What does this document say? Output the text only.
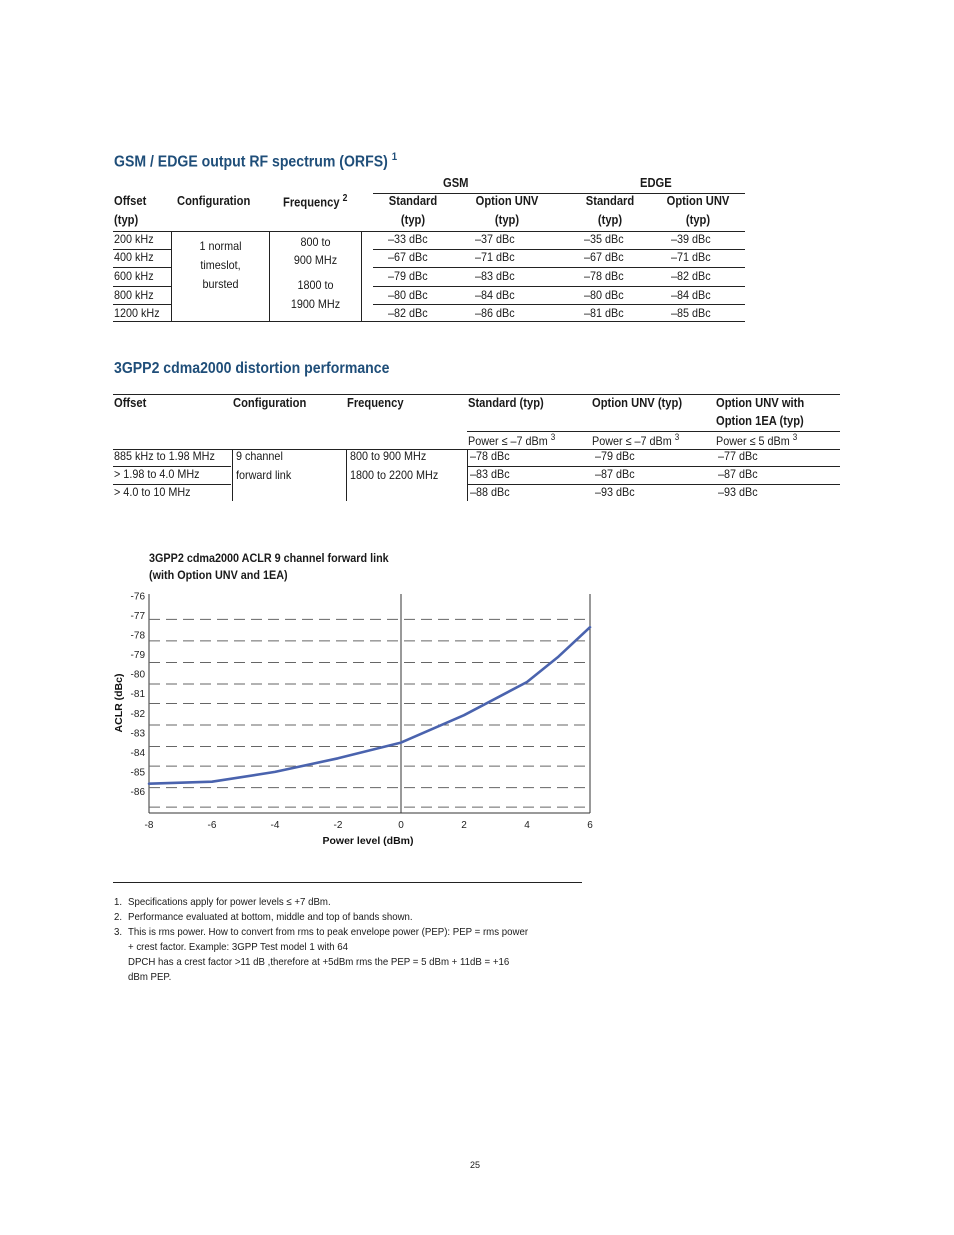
GSM / EDGE output RF spectrum (ORFS) $^1$
GSM	EDGE
Offset
(typ)
Configuration	Frequency $^2$	Standard
(typ)
Option UNV
(typ)
Standard
(typ)
Option UNV
(typ)
1 normal
timeslot,
bursted
800 to
900 MHz
1800 to
1900 MHz
200 kHz	–33 dBc	–37 dBc	–35 dBc	–39 dBc
400 kHz	–67 dBc	–71 dBc	–67 dBc	–71 dBc
600 kHz	–79 dBc	–83 dBc	–78 dBc	–82 dBc
800 kHz	–80 dBc	–84 dBc	–80 dBc	–84 dBc
1200 kHz	–82 dBc	–86 dBc	–81 dBc	–85 dBc
3GPP2 cdma2000 distortion performance
Offset	Configuration	Frequency	Standard (typ)	Option UNV (typ)	Option UNV with
Option 1EA (typ)
Power ≤ –7 dBm $^3$	Power ≤ –7 dBm $^3$	Power ≤ 5 dBm $^3$
9 channel
forward link
800 to 900 MHz
1800 to 2200 MHz
885 kHz to 1.98 MHz	–78 dBc	–79 dBc	–77 dBc
> 1.98 to 4.0 MHz	–83 dBc	–87 dBc	–87 dBc
> 4.0 to 10 MHz	–88 dBc	–93 dBc	–93 dBc
3GPP2 cdma2000 ACLR 9 channel forward link
(with Option UNV and 1EA)
-76
-77
-78
-79
-80
-81
-82
-83
-84
-85
-86
-8	-6	-4	-2	0	2	4	6
Power level (dBm)
ACLR (dBc)
1. Specifications apply for power levels ≤ +7 dBm.
2. Performance evaluated at bottom, middle and top of bands shown.
3. This is rms power. How to convert from rms to peak envelope power (PEP): PEP = rms power
+ crest factor. Example: 3GPP Test model 1 with 64
DPCH has a crest factor >11 dB ,therefore at +5dBm rms the PEP = 5 dBm + 11dB = +16
dBm PEP.
25
